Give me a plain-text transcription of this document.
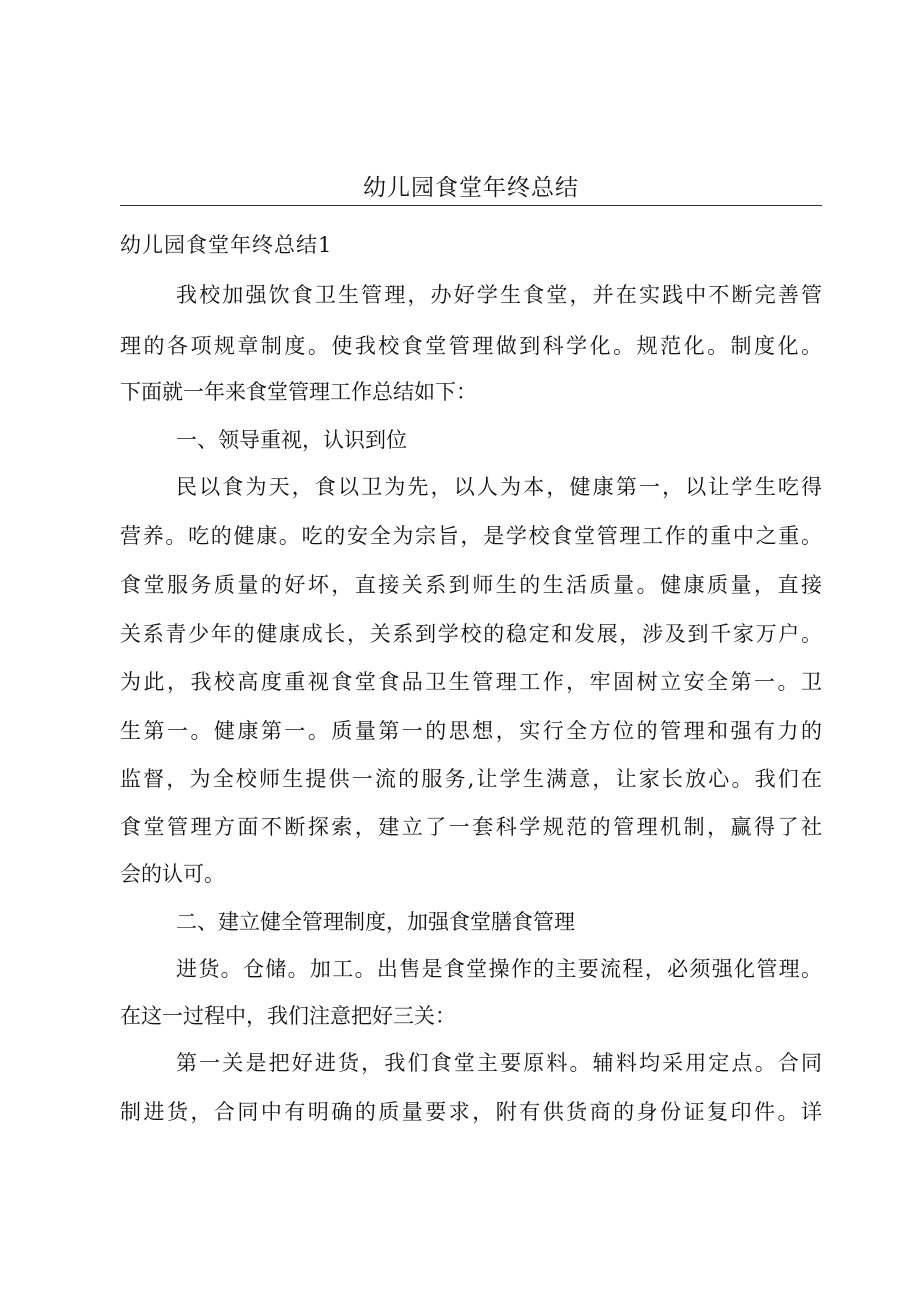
幼儿园食堂年终总结
幼儿园食堂年终总结1
我校加强饮食卫生管理，办好学生食堂，并在实践中不断完善管
理的各项规章制度。使我校食堂管理做到科学化。规范化。制度化。
下面就一年来食堂管理工作总结如下：
一、领导重视，认识到位
民以食为天，食以卫为先，以人为本，健康第一，以让学生吃得
营养。吃的健康。吃的安全为宗旨，是学校食堂管理工作的重中之重。
食堂服务质量的好坏，直接关系到师生的生活质量。健康质量，直接
关系青少年的健康成长，关系到学校的稳定和发展，涉及到千家万户。
为此，我校高度重视食堂食品卫生管理工作，牢固树立安全第一。卫
生第一。健康第一。质量第一的思想，实行全方位的管理和强有力的
监督，为全校师生提供一流的服务,让学生满意，让家长放心。我们在
食堂管理方面不断探索，建立了一套科学规范的管理机制，赢得了社
会的认可。
二、建立健全管理制度，加强食堂膳食管理
进货。仓储。加工。出售是食堂操作的主要流程，必须强化管理。
在这一过程中，我们注意把好三关：
第一关是把好进货，我们食堂主要原料。辅料均采用定点。合同
制进货，合同中有明确的质量要求，附有供货商的身份证复印件。详
